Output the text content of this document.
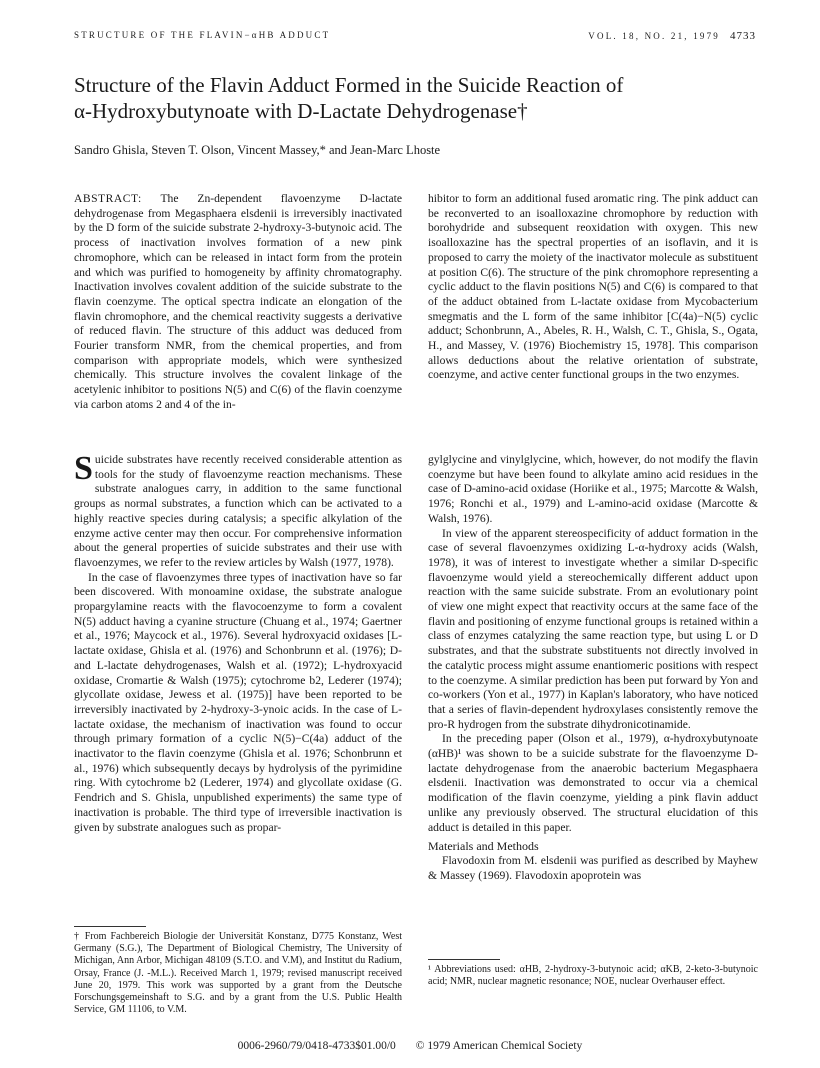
STRUCTURE OF THE FLAVIN−αHB ADDUCT	VOL. 18, NO. 21, 1979 4733
Structure of the Flavin Adduct Formed in the Suicide Reaction of
α-Hydroxybutynoate with D-Lactate Dehydrogenase†
Sandro Ghisla, Steven T. Olson, Vincent Massey,* and Jean-Marc Lhoste

ABSTRACT: The Zn-dependent flavoenzyme D-lactate dehydrogenase from Megasphaera elsdenii is irreversibly inactivated by the D form of the suicide substrate 2-hydroxy-3-butynoic acid. The process of inactivation involves formation of a new pink chromophore, which can be released in intact form from the protein and which was purified to homogeneity by affinity chromatography. Inactivation involves covalent addition of the suicide substrate to the flavin coenzyme. The optical spectra indicate an elongation of the flavin chromophore, and the chemical reactivity suggests a derivative of reduced flavin. The structure of this adduct was deduced from Fourier transform NMR, from the chemical properties, and from comparison with appropriate models, which were synthesized chemically. This structure involves the covalent linkage of the acetylenic inhibitor to positions N(5) and C(6) of the flavin coenzyme via carbon atoms 2 and 4 of the in-

hibitor to form an additional fused aromatic ring. The pink adduct can be reconverted to an isoalloxazine chromophore by reduction with borohydride and subsequent reoxidation with oxygen. This new isoalloxazine has the spectral properties of an isoflavin, and it is proposed to carry the moiety of the inactivator molecule as substituent at position C(6). The structure of the pink chromophore representing a cyclic adduct to the flavin positions N(5) and C(6) is compared to that of the adduct obtained from L-lactate oxidase from Mycobacterium smegmatis and the L form of the same inhibitor [C(4a)−N(5) cyclic adduct; Schonbrunn, A., Abeles, R. H., Walsh, C. T., Ghisla, S., Ogata, H., and Massey, V. (1976) Biochemistry 15, 1978]. This comparison allows deductions about the relative orientation of substrate, coenzyme, and active center functional groups in the two enzymes.

Suicide substrates have recently received considerable attention as tools for the study of flavoenzyme reaction mechanisms. These substrate analogues carry, in addition to the same functional groups as normal substrates, a function which can be activated to a highly reactive species during catalysis; a specific alkylation of the enzyme active center may then occur. For comprehensive information about the general properties of suicide substrates and their use with flavoenzymes, we refer to the review articles by Walsh (1977, 1978).

In the case of flavoenzymes three types of inactivation have so far been discovered. With monoamine oxidase, the substrate analogue propargylamine reacts with the flavocoenzyme to form a covalent N(5) adduct having a cyanine structure (Chuang et al., 1974; Gaertner et al., 1976; Maycock et al., 1976). Several hydroxyacid oxidases [L-lactate oxidase, Ghisla et al. (1976) and Schonbrunn et al. (1976); D- and L-lactate dehydrogenases, Walsh et al. (1972); L-hydroxyacid oxidase, Cromartie & Walsh (1975); cytochrome b2, Lederer (1974); glycollate oxidase, Jewess et al. (1975)] have been reported to be irreversibly inactivated by 2-hydroxy-3-ynoic acids. In the case of L-lactate oxidase, the mechanism of inactivation was found to occur through primary formation of a cyclic N(5)−C(4a) adduct of the inactivator to the flavin coenzyme (Ghisla et al. 1976; Schonbrunn et al., 1976) which subsequently decays by hydrolysis of the pyrimidine ring. With cytochrome b2 (Lederer, 1974) and glycollate oxidase (G. Fendrich and S. Ghisla, unpublished experiments) the same type of inactivation is probable. The third type of irreversible inactivation is given by substrate analogues such as propar-

gylglycine and vinylglycine, which, however, do not modify the flavin coenzyme but have been found to alkylate amino acid residues in the case of D-amino-acid oxidase (Horiike et al., 1975; Marcotte & Walsh, 1976; Ronchi et al., 1979) and L-amino-acid oxidase (Marcotte & Walsh, 1976).

In view of the apparent stereospecificity of adduct formation in the case of several flavoenzymes oxidizing L-α-hydroxy acids (Walsh, 1978), it was of interest to investigate whether a similar D-specific flavoenzyme would yield a stereochemically different adduct upon reaction with the same suicide substrate. From an evolutionary point of view one might expect that reactivity occurs at the same face of the flavin and positioning of enzyme functional groups is retained within a class of enzymes catalyzing the same reaction type, but using L or D substrates, and that the substrate substituents not directly involved in the catalytic process might assume enantiomeric positions with respect to the coenzyme. A similar prediction has been put forward by Yon and co-workers (Yon et al., 1977) in Kaplan's laboratory, who have noticed that a series of flavin-dependent hydroxylases consistently remove the pro-R hydrogen from the substrate dihydronicotinamide.

In the preceding paper (Olson et al., 1979), α-hydroxybutynoate (αHB)¹ was shown to be a suicide substrate for the flavoenzyme D-lactate dehydrogenase from the anaerobic bacterium Megasphaera elsdenii. Inactivation was demonstrated to occur via a chemical modification of the flavin coenzyme, yielding a pink flavin adduct unlike any previously observed. The structural elucidation of this adduct is detailed in this paper.

Materials and Methods

Flavodoxin from M. elsdenii was purified as described by Mayhew & Massey (1969). Flavodoxin apoprotein was

† From Fachbereich Biologie der Universität Konstanz, D775 Konstanz, West Germany (S.G.), The Department of Biological Chemistry, The University of Michigan, Ann Arbor, Michigan 48109 (S.T.O. and V.M), and Institut du Radium, Orsay, France (J. -M.L.). Received March 1, 1979; revised manuscript received June 20, 1979. This work was supported by a grant from the Deutsche Forschungsgemeinshaft to S.G. and by a grant from the U.S. Public Health Service, GM 11106, to V.M.
¹ Abbreviations used: αHB, 2-hydroxy-3-butynoic acid; αKB, 2-keto-3-butynoic acid; NMR, nuclear magnetic resonance; NOE, nuclear Overhauser effect.
0006-2960/79/0418-4733$01.00/0 © 1979 American Chemical Society
